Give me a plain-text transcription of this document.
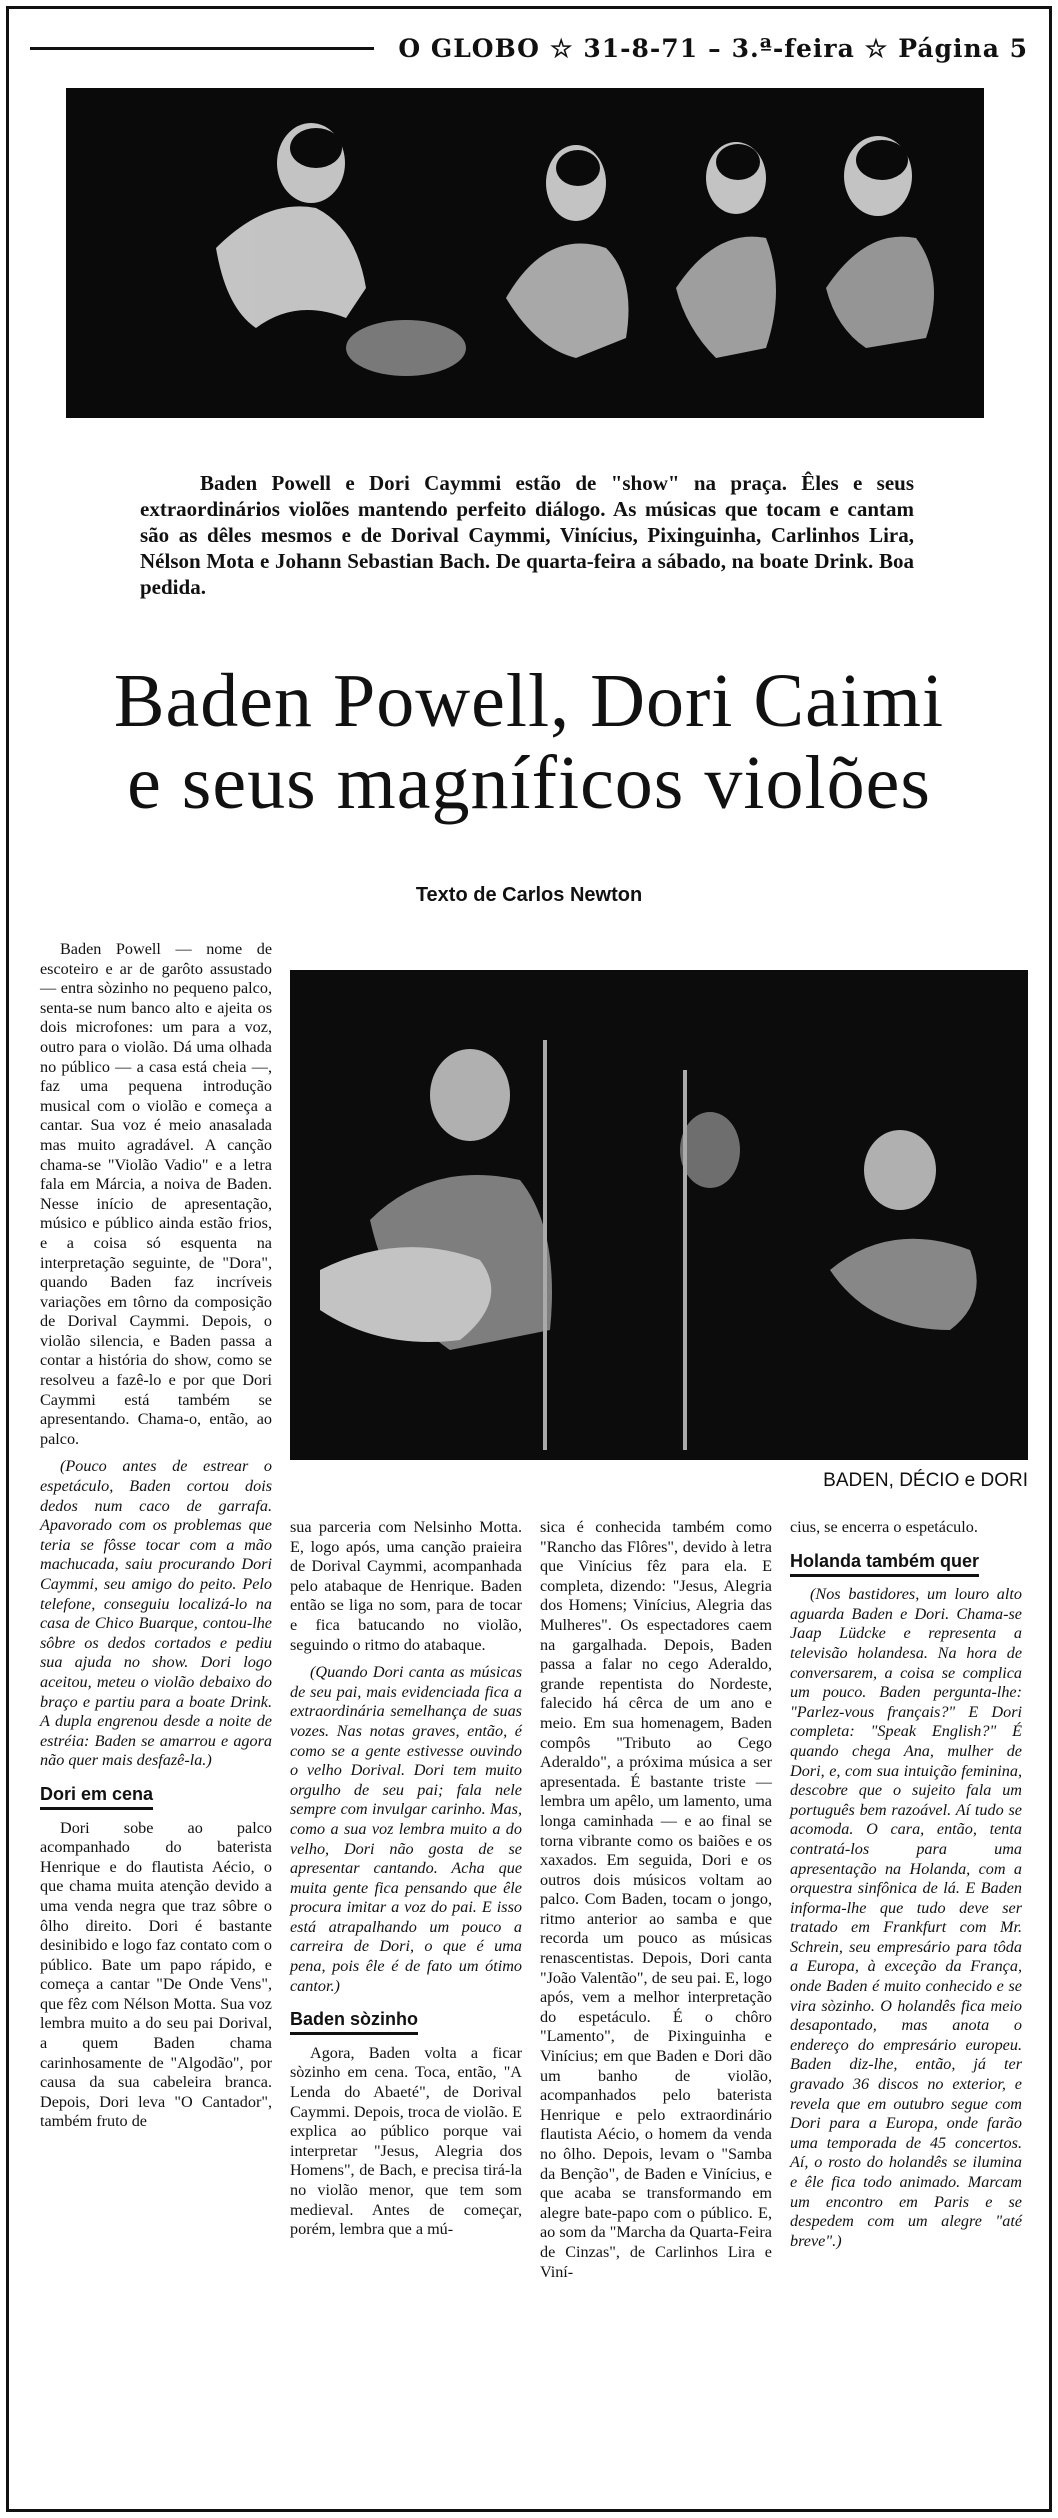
O GLOBO ☆ 31-8-71 – 3.ª-feira ☆ Página 5
Baden Powell e Dori Caymmi estão de "show" na praça. Êles e seus extraordinários violões mantendo perfeito diálogo. As músicas que tocam e cantam são as dêles mesmos e de Dorival Caymmi, Vinícius, Pixinguinha, Carlinhos Lira, Nélson Mota e Johann Sebastian Bach. De quarta-feira a sábado, na boate Drink. Boa pedida.
Baden Powell, Dori Caimi
e seus magníficos violões
Texto de Carlos Newton
BADEN, DÉCIO e DORI

Baden Powell — nome de escoteiro e ar de garôto assustado — entra sòzinho no pequeno palco, senta-se num banco alto e ajeita os dois microfones: um para a voz, outro para o violão. Dá uma olhada no público — a casa está cheia —, faz uma pequena introdução musical com o violão e começa a cantar. Sua voz é meio anasalada mas muito agradável. A canção chama-se "Violão Vadio" e a letra fala em Márcia, a noiva de Baden. Nesse início de apresentação, músico e público ainda estão frios, e a coisa só esquenta na interpretação seguinte, de "Dora", quando Baden faz incríveis variações em tôrno da composição de Dorival Caymmi. Depois, o violão silencia, e Baden passa a contar a história do show, como se resolveu a fazê-lo e por que Dori Caymmi está também se apresentando. Chama-o, então, ao palco.

(Pouco antes de estrear o espetáculo, Baden cortou dois dedos num caco de garrafa. Apavorado com os problemas que teria se fôsse tocar com a mão machucada, saiu procurando Dori Caymmi, seu amigo do peito. Pelo telefone, conseguiu localizá-lo na casa de Chico Buarque, contou-lhe sôbre os dedos cortados e pediu sua ajuda no show. Dori logo aceitou, meteu o violão debaixo do braço e partiu para a boate Drink. A dupla engrenou desde a noite de estréia: Baden se amarrou e agora não quer mais desfazê-la.)

Dori em cena

Dori sobe ao palco acompanhado do baterista Henrique e do flautista Aécio, o que chama muita atenção devido a uma venda negra que traz sôbre o ôlho direito. Dori é bastante desinibido e logo faz contato com o público. Bate um papo rápido, e começa a cantar "De Onde Vens", que fêz com Nélson Motta. Sua voz lembra muito a do seu pai Dorival, a quem Baden chama carinhosamente de "Algodão", por causa da sua cabeleira branca. Depois, Dori leva "O Cantador", também fruto de

sua parceria com Nelsinho Motta. E, logo após, uma canção praieira de Dorival Caymmi, acompanhada pelo atabaque de Henrique. Baden então se liga no som, para de tocar e fica batucando no violão, seguindo o ritmo do atabaque.

(Quando Dori canta as músicas de seu pai, mais evidenciada fica a extraordinária semelhança de suas vozes. Nas notas graves, então, é como se a gente estivesse ouvindo o velho Dorival. Dori tem muito orgulho de seu pai; fala nele sempre com invulgar carinho. Mas, como a sua voz lembra muito a do velho, Dori não gosta de se apresentar cantando. Acha que muita gente fica pensando que êle procura imitar a voz do pai. E isso está atrapalhando um pouco a carreira de Dori, o que é uma pena, pois êle é de fato um ótimo cantor.)

Baden sòzinho

Agora, Baden volta a ficar sòzinho em cena. Toca, então, "A Lenda do Abaeté", de Dorival Caymmi. Depois, troca de violão. E explica ao público porque vai interpretar "Jesus, Alegria dos Homens", de Bach, e precisa tirá-la no violão menor, que tem som medieval. Antes de começar, porém, lembra que a mú-

sica é conhecida também como "Rancho das Flôres", devido à letra que Vinícius fêz para ela. E completa, dizendo: "Jesus, Alegria dos Homens; Vinícius, Alegria das Mulheres". Os espectadores caem na gargalhada. Depois, Baden passa a falar no cego Aderaldo, grande repentista do Nordeste, falecido há cêrca de um ano e meio. Em sua homenagem, Baden compôs "Tributo ao Cego Aderaldo", a próxima música a ser apresentada. É bastante triste — lembra um apêlo, um lamento, uma longa caminhada — e ao final se torna vibrante como os baiões e os xaxados. Em seguida, Dori e os outros dois músicos voltam ao palco. Com Baden, tocam o jongo, ritmo anterior ao samba e que recorda um pouco as músicas renascentistas. Depois, Dori canta "João Valentão", de seu pai. E, logo após, vem a melhor interpretação do espetáculo. É o chôro "Lamento", de Pixinguinha e Vinícius; em que Baden e Dori dão um banho de violão, acompanhados pelo baterista Henrique e pelo extraordinário flautista Aécio, o homem da venda no ôlho. Depois, levam o "Samba da Benção", de Baden e Vinícius, e que acaba se transformando em alegre bate-papo com o público. E, ao som da "Marcha da Quarta-Feira de Cinzas", de Carlinhos Lira e Viní-

cius, se encerra o espetáculo.

Holanda também quer

(Nos bastidores, um louro alto aguarda Baden e Dori. Chama-se Jaap Lüdcke e representa a televisão holandesa. Na hora de conversarem, a coisa se complica um pouco. Baden pergunta-lhe: "Parlez-vous français?" E Dori completa: "Speak English?" É quando chega Ana, mulher de Dori, e, com sua intuição feminina, descobre que o sujeito fala um português bem razoável. Aí tudo se acomoda. O cara, então, tenta contratá-los para uma apresentação na Holanda, com a orquestra sinfônica de lá. E Baden informa-lhe que tudo deve ser tratado em Frankfurt com Mr. Schrein, seu empresário para tôda a Europa, à exceção da França, onde Baden é muito conhecido e se vira sòzinho. O holandês fica meio desapontado, mas anota o endereço do empresário europeu. Baden diz-lhe, então, já ter gravado 36 discos no exterior, e revela que em outubro segue com Dori para a Europa, onde farão uma temporada de 45 concertos. Aí, o rosto do holandês se ilumina e êle fica todo animado. Marcam um encontro em Paris e se despedem com um alegre "até breve".)
